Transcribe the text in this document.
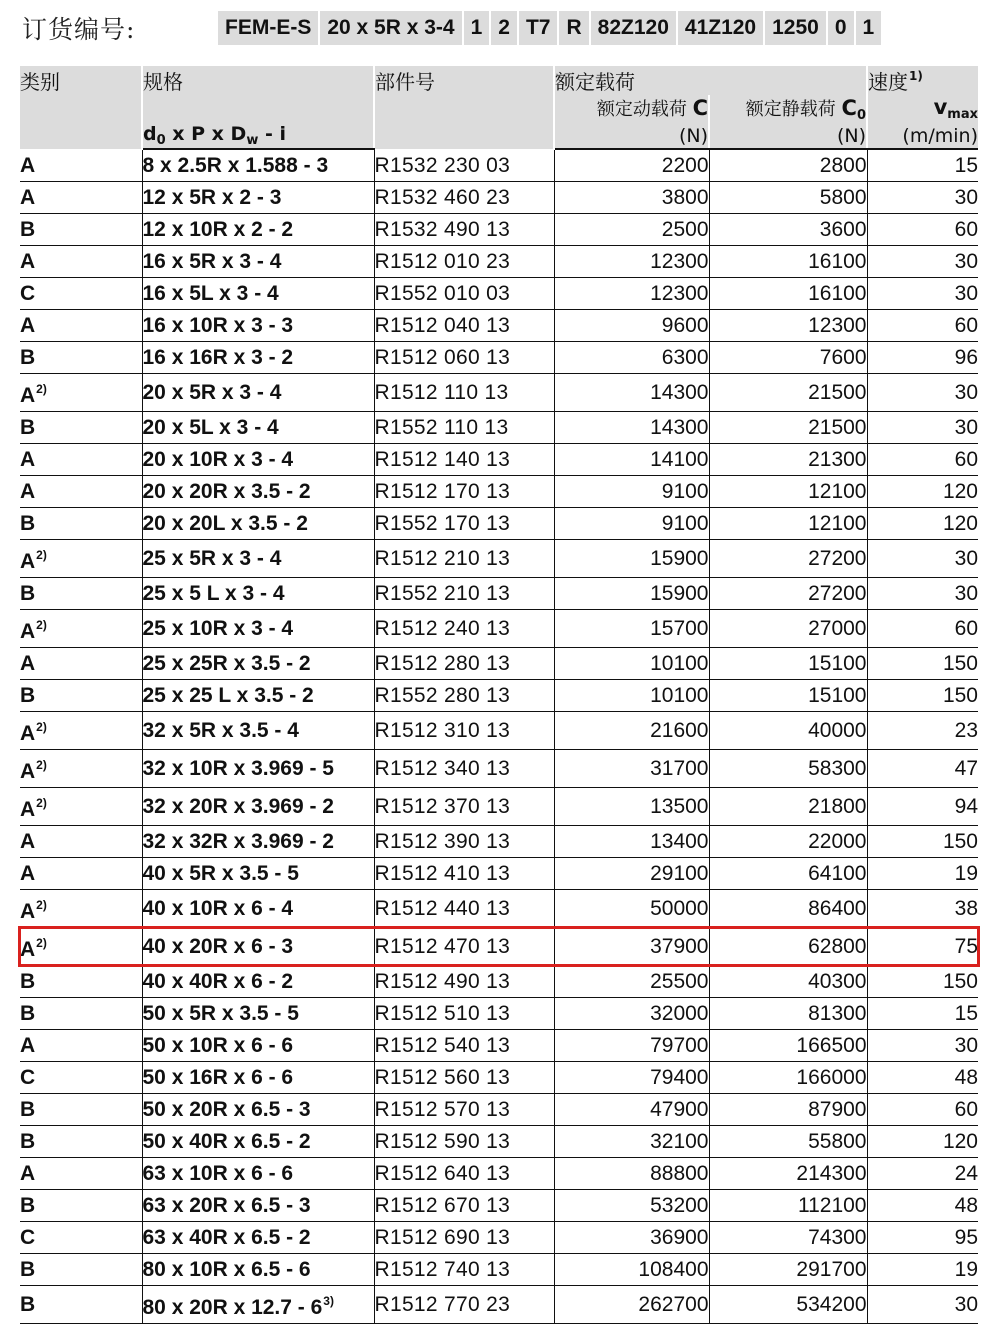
订货编号:	FEM-E-S 20 x 5R x 3-4 1 2 T7 R 82Z120 41Z120 1250 0 1
类别	规格	部件号	额定载荷		速度$^{1)}$
			额定动载荷 C	额定静载荷 $C_0$	$v_{max}$
	$d_0$ x P x $D_w$ - i		(N)	(N)	(m/min)
A	8 x 2.5R x 1.588 - 3	R1532 230 03	2200	2800	15
A	12 x 5R x 2 - 3	R1532 460 23	3800	5800	30
B	12 x 10R x 2 - 2	R1532 490 13	2500	3600	60
A	16 x 5R x 3 - 4	R1512 010 23	12300	16100	30
C	16 x 5L x 3 - 4	R1552 010 03	12300	16100	30
A	16 x 10R x 3 - 3	R1512 040 13	9600	12300	60
B	16 x 16R x 3 - 2	R1512 060 13	6300	7600	96
A$^{2)}$	20 x 5R x 3 - 4	R1512 110 13	14300	21500	30
B	20 x 5L x 3 - 4	R1552 110 13	14300	21500	30
A	20 x 10R x 3 - 4	R1512 140 13	14100	21300	60
A	20 x 20R x 3.5 - 2	R1512 170 13	9100	12100	120
B	20 x 20L x 3.5 - 2	R1552 170 13	9100	12100	120
A$^{2)}$	25 x 5R x 3 - 4	R1512 210 13	15900	27200	30
B	25 x 5 L x 3 - 4	R1552 210 13	15900	27200	30
A$^{2)}$	25 x 10R x 3 - 4	R1512 240 13	15700	27000	60
A	25 x 25R x 3.5 - 2	R1512 280 13	10100	15100	150
B	25 x 25 L x 3.5 - 2	R1552 280 13	10100	15100	150
A$^{2)}$	32 x 5R x 3.5 - 4	R1512 310 13	21600	40000	23
A$^{2)}$	32 x 10R x 3.969 - 5	R1512 340 13	31700	58300	47
A$^{2)}$	32 x 20R x 3.969 - 2	R1512 370 13	13500	21800	94
A	32 x 32R x 3.969 - 2	R1512 390 13	13400	22000	150
A	40 x 5R x 3.5 - 5	R1512 410 13	29100	64100	19
A$^{2)}$	40 x 10R x 6 - 4	R1512 440 13	50000	86400	38
A$^{2)}$	40 x 20R x 6 - 3	R1512 470 13	37900	62800	75
B	40 x 40R x 6 - 2	R1512 490 13	25500	40300	150
B	50 x 5R x 3.5 - 5	R1512 510 13	32000	81300	15
A	50 x 10R x 6 - 6	R1512 540 13	79700	166500	30
C	50 x 16R x 6 - 6	R1512 560 13	79400	166000	48
B	50 x 20R x 6.5 - 3	R1512 570 13	47900	87900	60
B	50 x 40R x 6.5 - 2	R1512 590 13	32100	55800	120
A	63 x 10R x 6 - 6	R1512 640 13	88800	214300	24
B	63 x 20R x 6.5 - 3	R1512 670 13	53200	112100	48
C	63 x 40R x 6.5 - 2	R1512 690 13	36900	74300	95
B	80 x 10R x 6.5 - 6	R1512 740 13	108400	291700	19
B	80 x 20R x 12.7 - 6$^{3)}$	R1512 770 23	262700	534200	30
